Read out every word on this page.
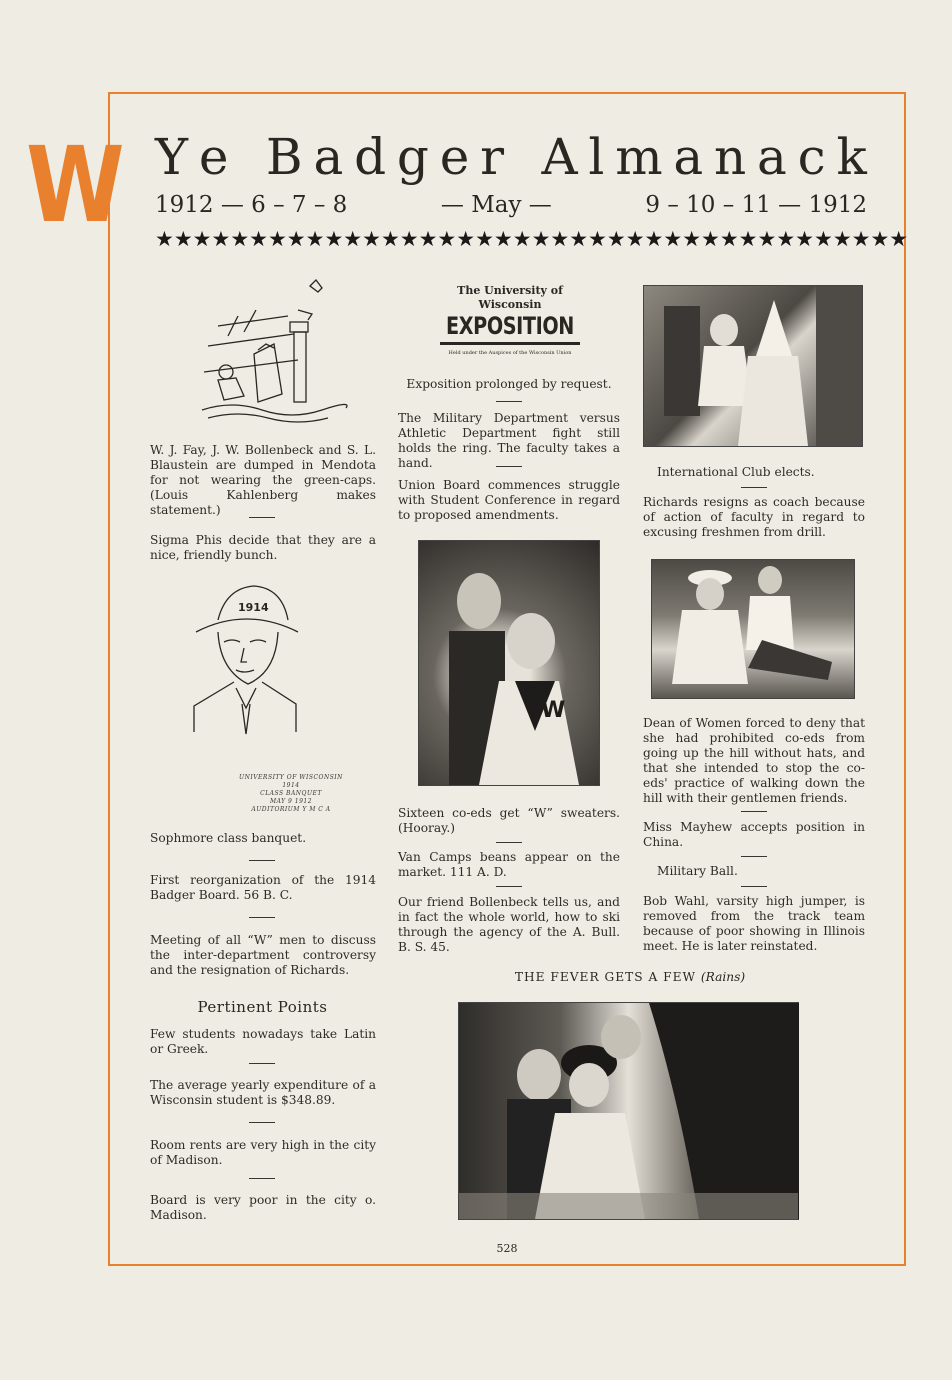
W Y e
B a d g e r
A l m a n a c k
1912 — 6 – 7 – 8	— May —	9 – 10 – 11 — 1912
★ ★ ★ ★ ★ ★ ★ ★ ★ ★ ★ ★ ★ ★ ★ ★ ★ ★ ★ ★ ★ ★ ★ ★ ★ ★ ★ ★ ★ ★ ★ ★ ★ ★ ★ ★ ★ ★ ★ ★
W. J. Fay, J. W. Bollenbeck and S. L. Blaustein are dumped in Mendota for not wearing the green-caps. (Louis Kahlenberg makes statement.)
Sigma Phis decide that they are a nice, friendly bunch.
1914
UNIVERSITY OF WISCONSIN
1914
CLASS BANQUET
MAY 9 1912
AUDITORIUM Y M C A
Sophmore class banquet.
First reorganization of the 1914 Badger Board. 56 B. C.
Meeting of all “W” men to discuss the inter-department controversy and the resignation of Richards.
Pertinent Points
Few students nowadays take Latin or Greek.
The average yearly expenditure of a Wisconsin student is $348.89.
Room rents are very high in the city of Madison.
Board is very poor in the city o. Madison.
The University of Wisconsin
EXPOSITION
Held under the Auspices of the Wisconsin Union
Exposition prolonged by request.
The Military Department versus Athletic Department fight still holds the ring. The faculty takes a hand.
Union Board commences struggle with Student Conference in regard to proposed amendments.
W
Sixteen co-eds get “W” sweaters. (Hooray.)
Van Camps beans appear on the market. 111 A. D.
Our friend Bollenbeck tells us, and in fact the whole world, how to ski through the agency of the A. Bull. B. S. 45.
THE FEVER GETS A FEW (Rains)
International Club elects.
Richards resigns as coach because of action of faculty in regard to excusing freshmen from drill.
Dean of Women forced to deny that she had prohibited co-eds from going up the hill without hats, and that she intended to stop the co-eds' practice of walking down the hill with their gentlemen friends.
Miss Mayhew accepts position in China.
Military Ball.
Bob Wahl, varsity high jumper, is removed from the track team because of poor showing in Illinois meet. He is later reinstated.
528
